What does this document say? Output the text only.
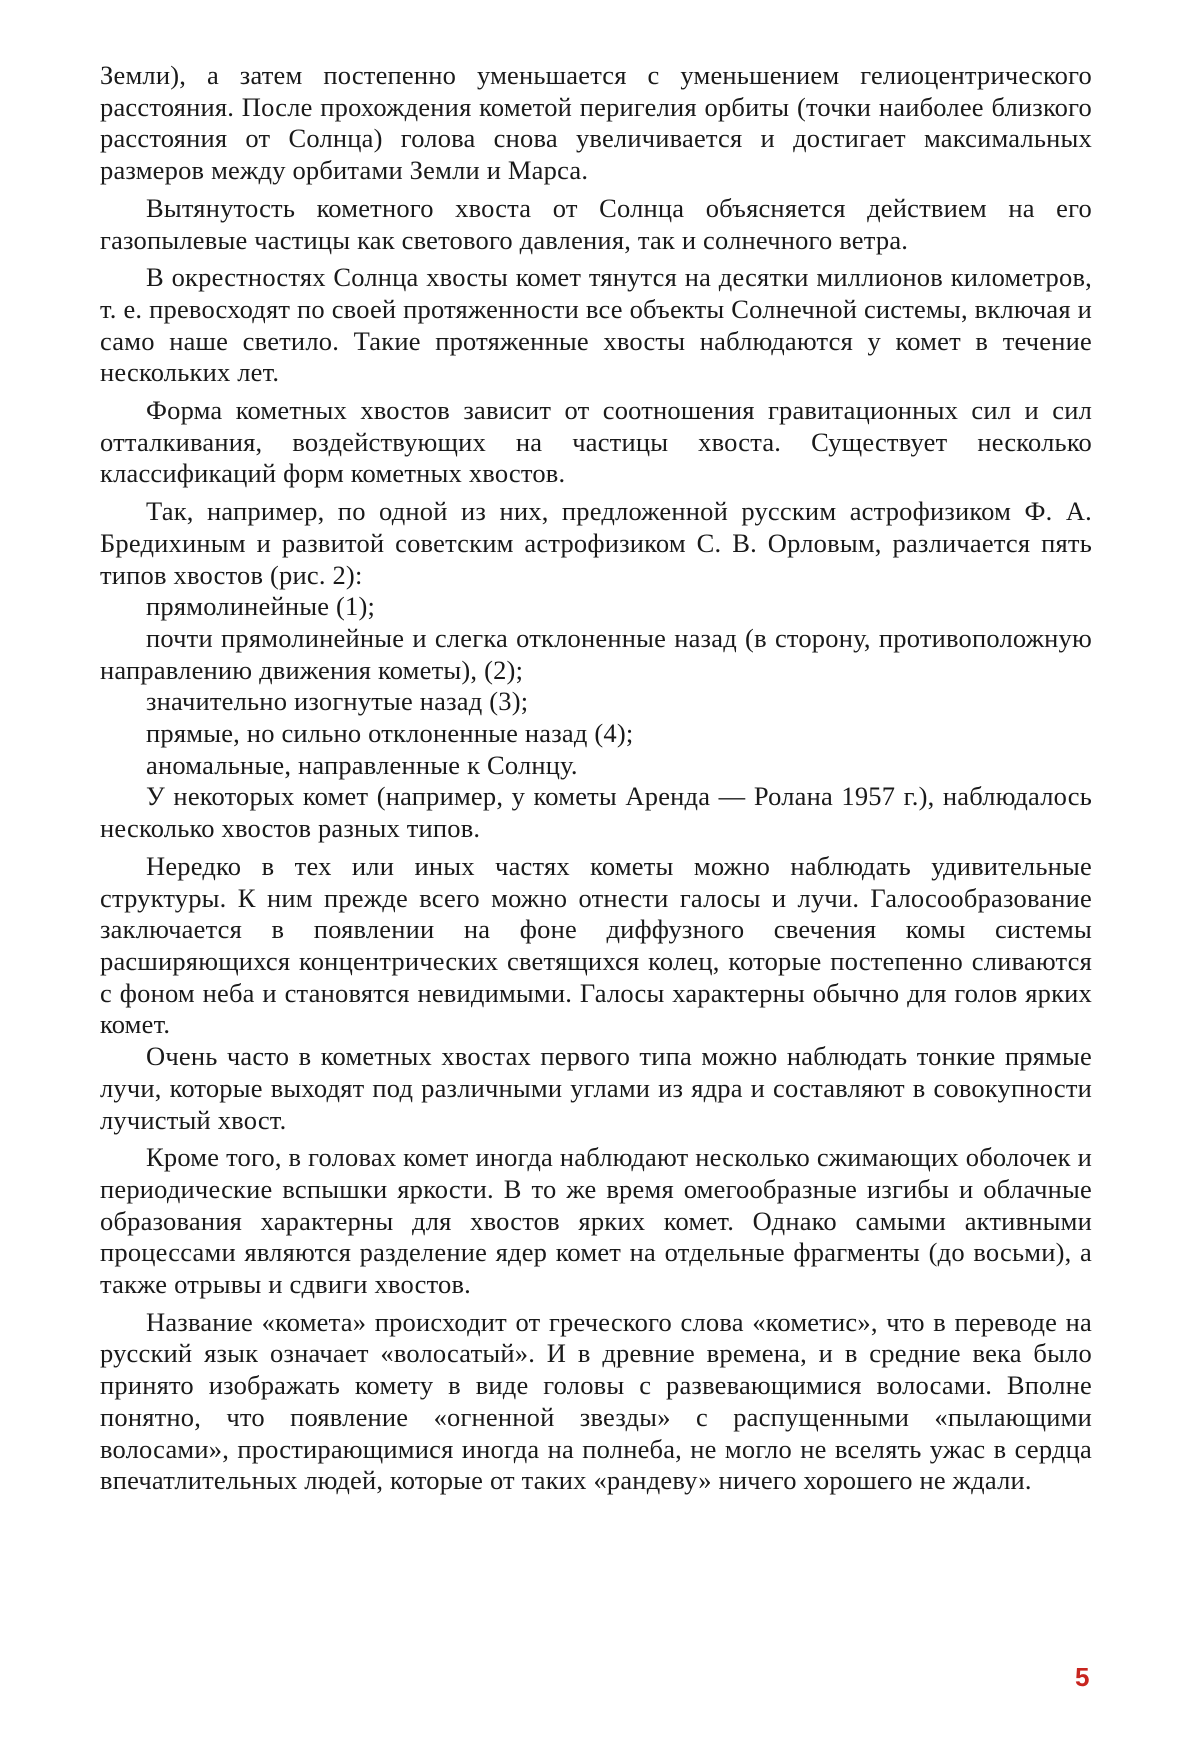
Земли), а затем постепенно уменьшается с уменьшением гелиоцентрического расстояния. После прохождения кометой перигелия орбиты (точки наиболее близкого расстояния от Солнца) голова снова увеличивается и достигает максимальных размеров между орбитами Земли и Марса.

Вытянутость кометного хвоста от Солнца объясняется действием на его газопылевые частицы как светового давления, так и солнечного ветра.

В окрестностях Солнца хвосты комет тянутся на десятки миллионов километров, т. е. превосходят по своей протяженности все объекты Солнечной системы, включая и само наше светило. Такие протяженные хвосты наблюдаются у комет в течение нескольких лет.

Форма кометных хвостов зависит от соотношения гравитационных сил и сил отталкивания, воздействующих на частицы хвоста. Существует несколько классификаций форм кометных хвостов.

Так, например, по одной из них, предложенной русским астрофизиком Ф. А. Бредихиным и развитой советским астрофизиком С. В. Орловым, различается пять типов хвостов (рис. 2):

прямолинейные (1);

почти прямолинейные и слегка отклоненные назад (в сторону, противоположную направлению движения кометы), (2);

значительно изогнутые назад (3);

прямые, но сильно отклоненные назад (4);

аномальные, направленные к Солнцу.

У некоторых комет (например, у кометы Аренда — Ролана 1957 г.), наблюдалось несколько хвостов разных типов.

Нередко в тех или иных частях кометы можно наблюдать удивительные структуры. К ним прежде всего можно отнести галосы и лучи. Галосообразование заключается в появлении на фоне диффузного свечения комы системы расширяющихся концентрических светящихся колец, которые постепенно сливаются с фоном неба и становятся невидимыми. Галосы характерны обычно для голов ярких комет.

Очень часто в кометных хвостах первого типа можно наблюдать тонкие прямые лучи, которые выходят под различными углами из ядра и составляют в совокупности лучистый хвост.

Кроме того, в головах комет иногда наблюдают несколько сжимающих оболочек и периодические вспышки яркости. В то же время омегообразные изгибы и облачные образования характерны для хвостов ярких комет. Однако самыми активными процессами являются разделение ядер комет на отдельные фрагменты (до восьми), а также отрывы и сдвиги хвостов.

Название «комета» происходит от греческого слова «кометис», что в переводе на русский язык означает «волосатый». И в древние времена, и в средние века было принято изображать комету в виде головы с развевающимися волосами. Вполне понятно, что появление «огненной звезды» с распущенными «пылающими волосами», простирающимися иногда на полнеба, не могло не вселять ужас в сердца впечатлительных людей, которые от таких «рандеву» ничего хорошего не ждали.

5
